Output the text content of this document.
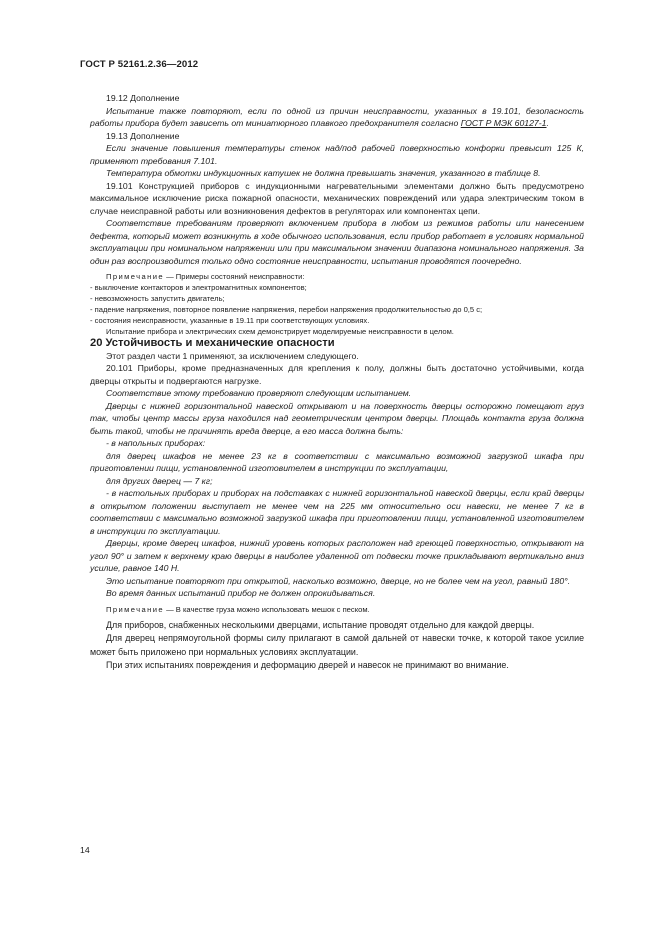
ГОСТ Р 52161.2.36—2012

19.12 Дополнение

Испытание также повторяют, если по одной из причин неисправности, указанных в 19.101, безопасность работы прибора будет зависеть от миниатюрного плавкого предохранителя согласно ГОСТ Р МЭК 60127-1.

19.13 Дополнение

Если значение повышения температуры стенок над/под рабочей поверхностью конфорки превысит 125 К, применяют требования 7.101.

Температура обмотки индукционных катушек не должна превышать значения, указанного в таблице 8.

19.101 Конструкцией приборов с индукционными нагревательными элементами должно быть предусмотрено максимальное исключение риска пожарной опасности, механических повреждений или удара электрическим током в случае неисправной работы или возникновения дефектов в регуляторах или компонентах цепи.

Соответствие требованиям проверяют включением прибора в любом из режимов работы или нанесением дефекта, который может возникнуть в ходе обычного использования, если прибор работает в условиях нормальной эксплуатации при номинальном напряжении или при максимальном значении диапазона номинального напряжения. За один раз воспроизводится только одно состояние неисправности, испытания проводятся поочередно.

Примечание — Примеры состояний неисправности:

- выключение контакторов и электромагнитных компонентов;

- невозможность запустить двигатель;

- падение напряжения, повторное появление напряжения, перебои напряжения продолжительностью до 0,5 с;

- состояния неисправности, указанные в 19.11 при соответствующих условиях.

Испытание прибора и электрических схем демонстрирует моделируемые неисправности в целом.

20 Устойчивость и механические опасности

Этот раздел части 1 применяют, за исключением следующего.

20.101 Приборы, кроме предназначенных для крепления к полу, должны быть достаточно устойчивыми, когда дверцы открыты и подвергаются нагрузке.

Соответствие этому требованию проверяют следующим испытанием.

Дверцы с нижней горизонтальной навеской открывают и на поверхность дверцы осторожно помещают груз так, чтобы центр массы груза находился над геометрическим центром дверцы. Площадь контакта груза должна быть такой, чтобы не причинять вреда дверце, а его масса должна быть:

- в напольных приборах:

для дверец шкафов не менее 23 кг в соответствии с максимально возможной загрузкой шкафа при приготовлении пищи, установленной изготовителем в инструкции по эксплуатации,

для других дверец — 7 кг;

- в настольных приборах и приборах на подставках с нижней горизонтальной навеской дверцы, если край дверцы в открытом положении выступает не менее чем на 225 мм относительно оси навески, не менее 7 кг в соответствии с максимально возможной загрузкой шкафа при приготовлении пищи, установленной изготовителем в инструкции по эксплуатации.

Дверцы, кроме дверец шкафов, нижний уровень которых расположен над греющей поверхностью, открывают на угол 90° и затем к верхнему краю дверцы в наиболее удаленной от подвески точке прикладывают вертикально вниз усилие, равное 140 Н.

Это испытание повторяют при открытой, насколько возможно, дверце, но не более чем на угол, равный 180°.

Во время данных испытаний прибор не должен опрокидываться.

Примечание — В качестве груза можно использовать мешок с песком.

Для приборов, снабженных несколькими дверцами, испытание проводят отдельно для каждой дверцы.

Для дверец непрямоугольной формы силу прилагают в самой дальней от навески точке, к которой такое усилие может быть приложено при нормальных условиях эксплуатации.

При этих испытаниях повреждения и деформацию дверей и навесок не принимают во внимание.

14
